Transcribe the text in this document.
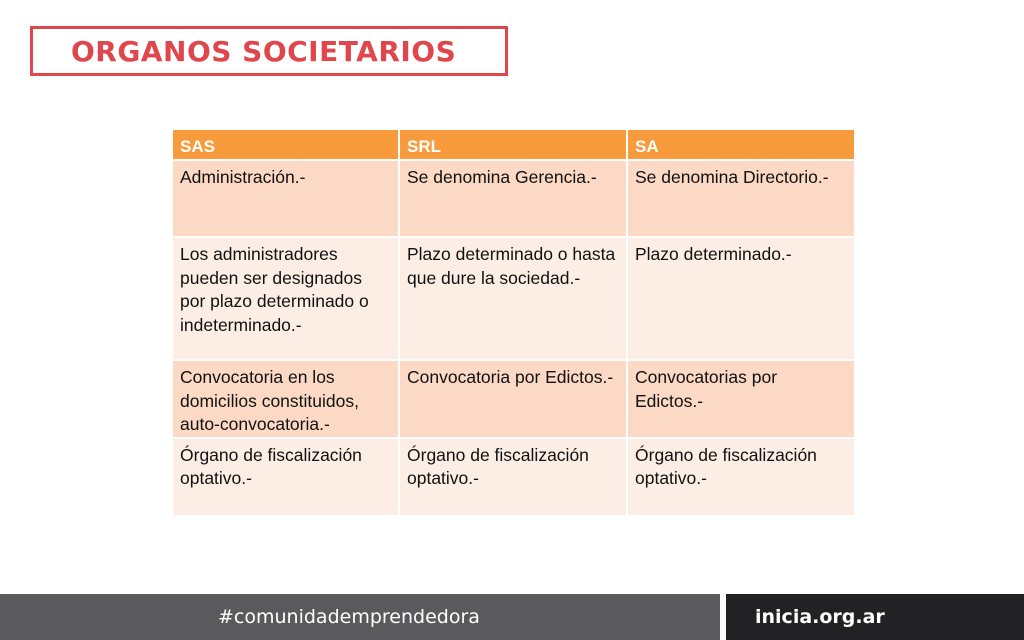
ORGANOS SOCIETARIOS
SAS	SRL	SA
Administración.-	Se denomina Gerencia.-	Se denomina Directorio.-
Los administradores pueden ser designados por plazo determinado o indeterminado.-	Plazo determinado o hasta que dure la sociedad.-	Plazo determinado.-
Convocatoria en los domicilios constituidos, auto-convocatoria.-	Convocatoria por Edictos.-	Convocatorias por Edictos.-
Órgano de fiscalización optativo.-	Órgano de fiscalización optativo.-	Órgano de fiscalización optativo.-
#comunidademprendedora	inicia.org.ar
